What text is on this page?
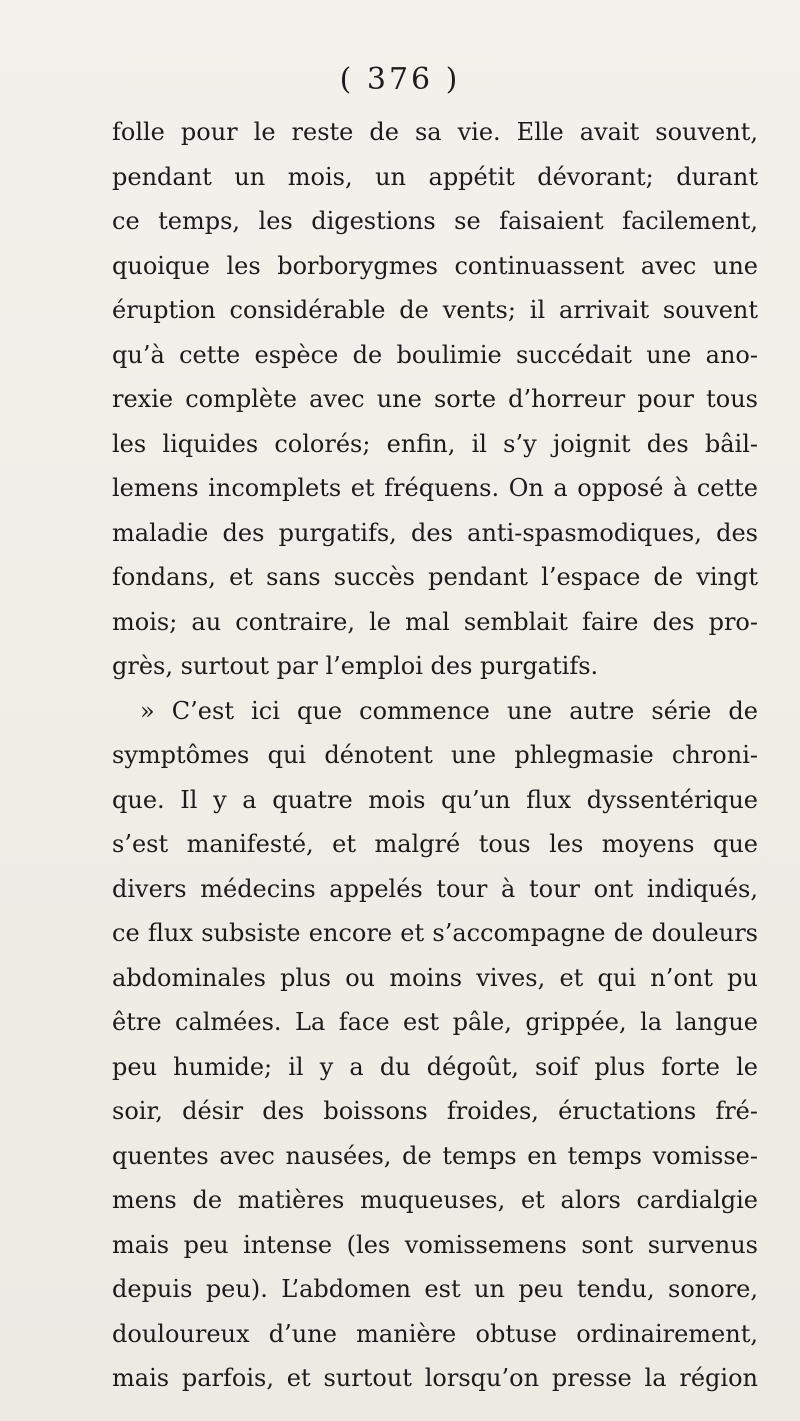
( 376 )
folle pour le reste de sa vie. Elle avait souvent,
pendant un mois, un appétit dévorant; durant
ce temps, les digestions se faisaient facilement,
quoique les borborygmes continuassent avec une
éruption considérable de vents; il arrivait souvent
qu’à cette espèce de boulimie succédait une ano-
rexie complète avec une sorte d’horreur pour tous
les liquides colorés; enfin, il s’y joignit des bâil-
lemens incomplets et fréquens. On a opposé à cette
maladie des purgatifs, des anti-spasmodiques, des
fondans, et sans succès pendant l’espace de vingt
mois; au contraire, le mal semblait faire des pro-
grès, surtout par l’emploi des purgatifs.
» C’est ici que commence une autre série de
symptômes qui dénotent une phlegmasie chroni-
que. Il y a quatre mois qu’un flux dyssentérique
s’est manifesté, et malgré tous les moyens que
divers médecins appelés tour à tour ont indiqués,
ce flux subsiste encore et s’accompagne de douleurs
abdominales plus ou moins vives, et qui n’ont pu
être calmées. La face est pâle, grippée, la langue
peu humide; il y a du dégoût, soif plus forte le
soir, désir des boissons froides, éructations fré-
quentes avec nausées, de temps en temps vomisse-
mens de matières muqueuses, et alors cardialgie
mais peu intense (les vomissemens sont survenus
depuis peu). L’abdomen est un peu tendu, sonore,
douloureux d’une manière obtuse ordinairement,
mais parfois, et surtout lorsqu’on presse la région
